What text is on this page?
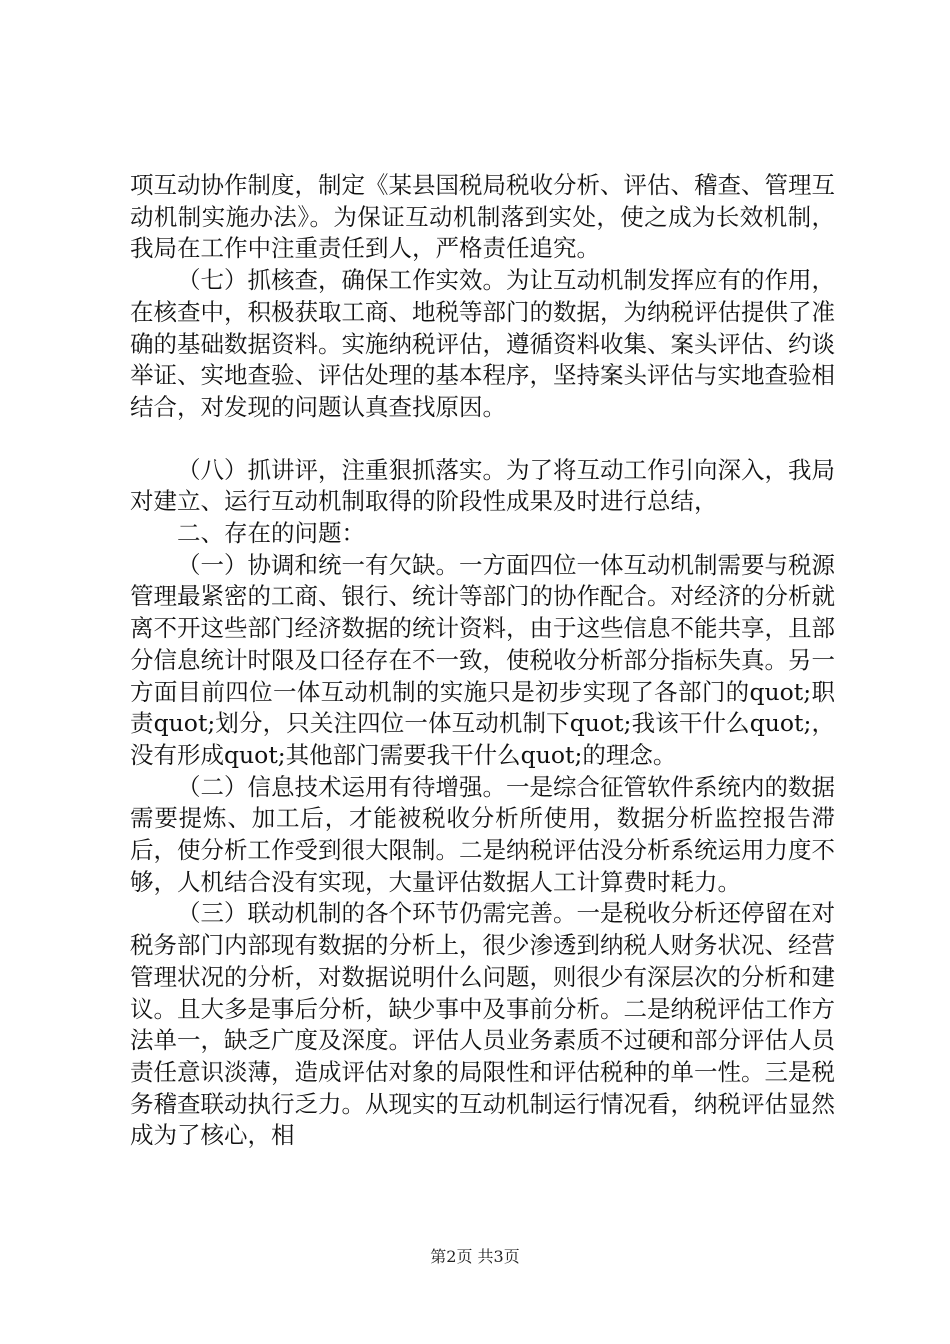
项互动协作制度，制定《某县国税局税收分析、评估、稽查、管理互动机制实施办法》。为保证互动机制落到实处，使之成为长效机制，我局在工作中注重责任到人，严格责任追究。

（七）抓核查，确保工作实效。为让互动机制发挥应有的作用，在核查中，积极获取工商、地税等部门的数据，为纳税评估提供了准确的基础数据资料。实施纳税评估，遵循资料收集、案头评估、约谈举证、实地查验、评估处理的基本程序，坚持案头评估与实地查验相结合，对发现的问题认真查找原因。

（八）抓讲评，注重狠抓落实。为了将互动工作引向深入，我局对建立、运行互动机制取得的阶段性成果及时进行总结，

二、存在的问题：

（一）协调和统一有欠缺。一方面四位一体互动机制需要与税源管理最紧密的工商、银行、统计等部门的协作配合。对经济的分析就离不开这些部门经济数据的统计资料，由于这些信息不能共享，且部分信息统计时限及口径存在不一致，使税收分析部分指标失真。另一方面目前四位一体互动机制的实施只是初步实现了各部门的quot;职责quot;划分，只关注四位一体互动机制下quot;我该干什么quot;，没有形成quot;其他部门需要我干什么quot;的理念。

（二）信息技术运用有待增强。一是综合征管软件系统内的数据需要提炼、加工后，才能被税收分析所使用，数据分析监控报告滞后，使分析工作受到很大限制。二是纳税评估没分析系统运用力度不够，人机结合没有实现，大量评估数据人工计算费时耗力。

（三）联动机制的各个环节仍需完善。一是税收分析还停留在对税务部门内部现有数据的分析上，很少渗透到纳税人财务状况、经营管理状况的分析，对数据说明什么问题，则很少有深层次的分析和建议。且大多是事后分析，缺少事中及事前分析。二是纳税评估工作方法单一，缺乏广度及深度。评估人员业务素质不过硬和部分评估人员责任意识淡薄，造成评估对象的局限性和评估税种的单一性。三是税务稽查联动执行乏力。从现实的互动机制运行情况看，纳税评估显然成为了核心，相

第2页 共3页
